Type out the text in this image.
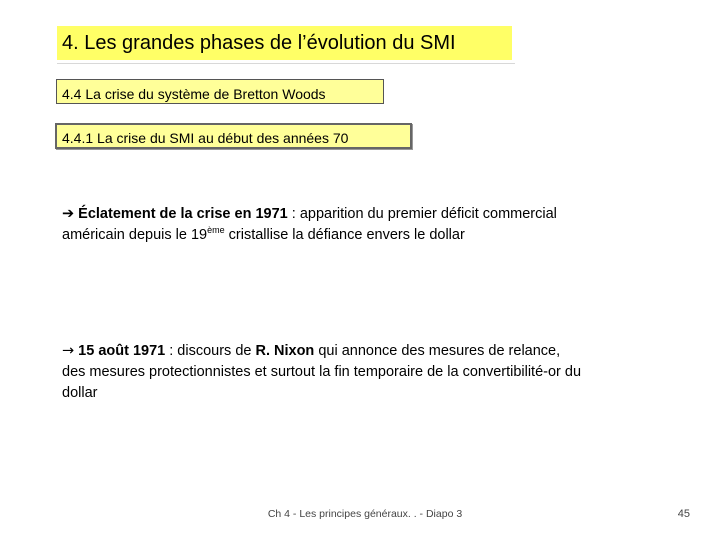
4. Les grandes phases de l’évolution du SMI
4.4 La crise du système de Bretton Woods
4.4.1 La crise du SMI au début des années 70
➔ Éclatement de la crise en 1971 : apparition du premier déficit commercial américain depuis le 19ème cristallise la défiance envers le dollar
→ 15 août 1971 : discours de R. Nixon qui annonce des mesures de relance, des mesures protectionnistes et surtout la fin temporaire de la convertibilité-or du dollar
Ch 4 - Les principes généraux. . - Diapo 3	45
